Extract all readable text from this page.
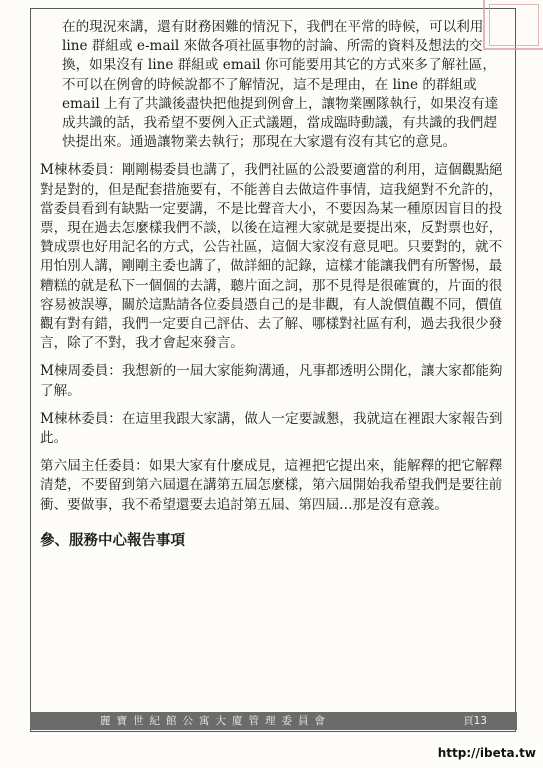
在的現況來講，還有財務困難的情況下，我們在平常的時候，可以利用 line 群組或 e-mail 來做各項社區事物的討論、所需的資料及想法的交換，如果沒有 line 群組或 email 你可能要用其它的方式來多了解社區，不可以在例會的時候說都不了解情況，這不是理由，在 line 的群組或 email 上有了共識後盡快把他提到例會上，讓物業團隊執行，如果沒有達成共識的話，我希望不要例入正式議題，當成臨時動議，有共識的我們趕快提出來。通過讓物業去執行；那現在大家還有沒有其它的意見。

M棟林委員：剛剛楊委員也講了，我們社區的公設要適當的利用，這個觀點絕對是對的，但是配套措施要有，不能善自去做這件事情，這我絕對不允許的，當委員看到有缺點一定要講，不是比聲音大小，不要因為某一種原因盲目的投票，現在過去怎麼樣我們不談，以後在這裡大家就是要提出來，反對票也好，贊成票也好用記名的方式，公告社區，這個大家沒有意見吧。只要對的，就不用怕別人講，剛剛主委也講了，做詳細的記錄，這樣才能讓我們有所警惕，最糟糕的就是私下一個個的去講，聽片面之詞，那不見得是很確實的，片面的很容易被誤導，關於這點請各位委員憑自己的是非觀，有人說價值觀不同，價值觀有對有錯，我們一定要自己評估、去了解、哪樣對社區有利，過去我很少發言，除了不對，我才會起來發言。

M棟周委員：我想新的一屆大家能夠溝通，凡事都透明公開化，讓大家都能夠了解。

M棟林委員：在這里我跟大家講，做人一定要誠懇，我就這在裡跟大家報告到此。

第六屆主任委員：如果大家有什麼成見，這裡把它提出來，能解釋的把它解釋清楚，不要留到第六屆還在講第五屆怎麼樣，第六屆開始我希望我們是要往前衝、要做事，我不希望還要去追討第五屆、第四屆…那是沒有意義。

參、服務中心報告事項
麗寶世紀館公寓大廈管理委員會	頁13
http://ibeta.tw
